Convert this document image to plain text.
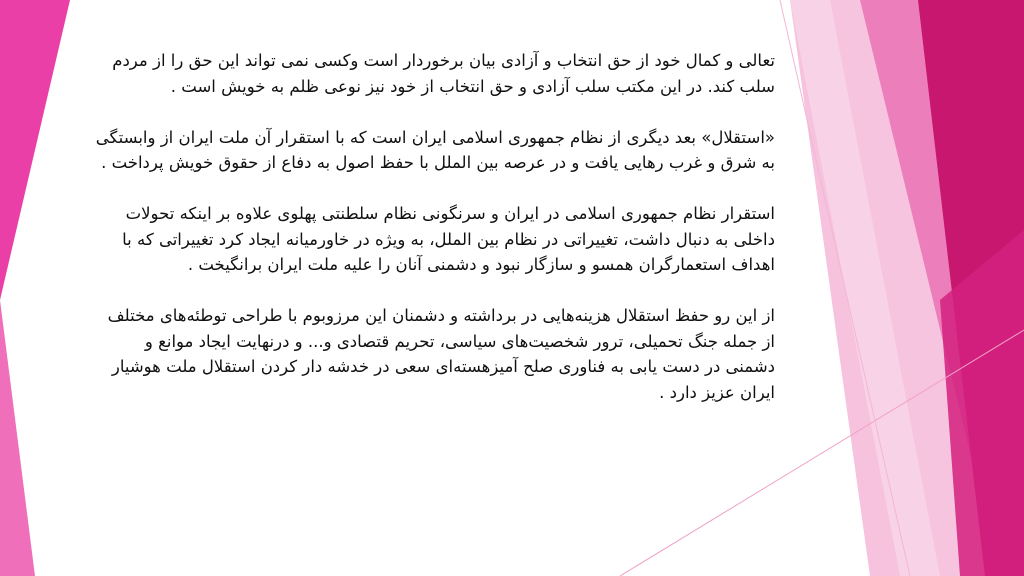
تعالی و کمال خود از حق انتخاب و آزادی بیان برخوردار است وکسی نمی تواند این حق را از مردم سلب کند. در این مکتب سلب آزادی و حق انتخاب از خود نیز نوعی ظلم به خویش است .

«استقلال» بعد دیگری از نظام جمهوری اسلامی ایران است که با استقرار آن ملت ایران از وابستگی به شرق و غرب رهایی یافت و در عرصه بین الملل با حفظ اصول به دفاع از حقوق خویش پرداخت .

استقرار نظام جمهوری اسلامی در ایران و سرنگونی نظام سلطنتی پهلوی علاوه بر اینکه تحولات داخلی به دنبال داشت، تغییراتی در نظام بین الملل، به ویژه در خاورمیانه ایجاد کرد تغییراتی که با اهداف استعمارگران همسو و سازگار نبود و دشمنی آنان را علیه ملت ایران برانگیخت .

از این رو حفظ استقلال هزینه‌هایی در برداشته و دشمنان این مرزوبوم با طراحی توطئه‌های مختلف از جمله جنگ تحمیلی، ترور شخصیت‌های سیاسی، تحریم قتصادی و... و درنهایت ایجاد موانع و دشمنی در دست یابی به فناوری صلح آمیزهسته‌ای سعی در خدشه دار کردن استقلال ملت هوشیار ایران عزیز دارد .
